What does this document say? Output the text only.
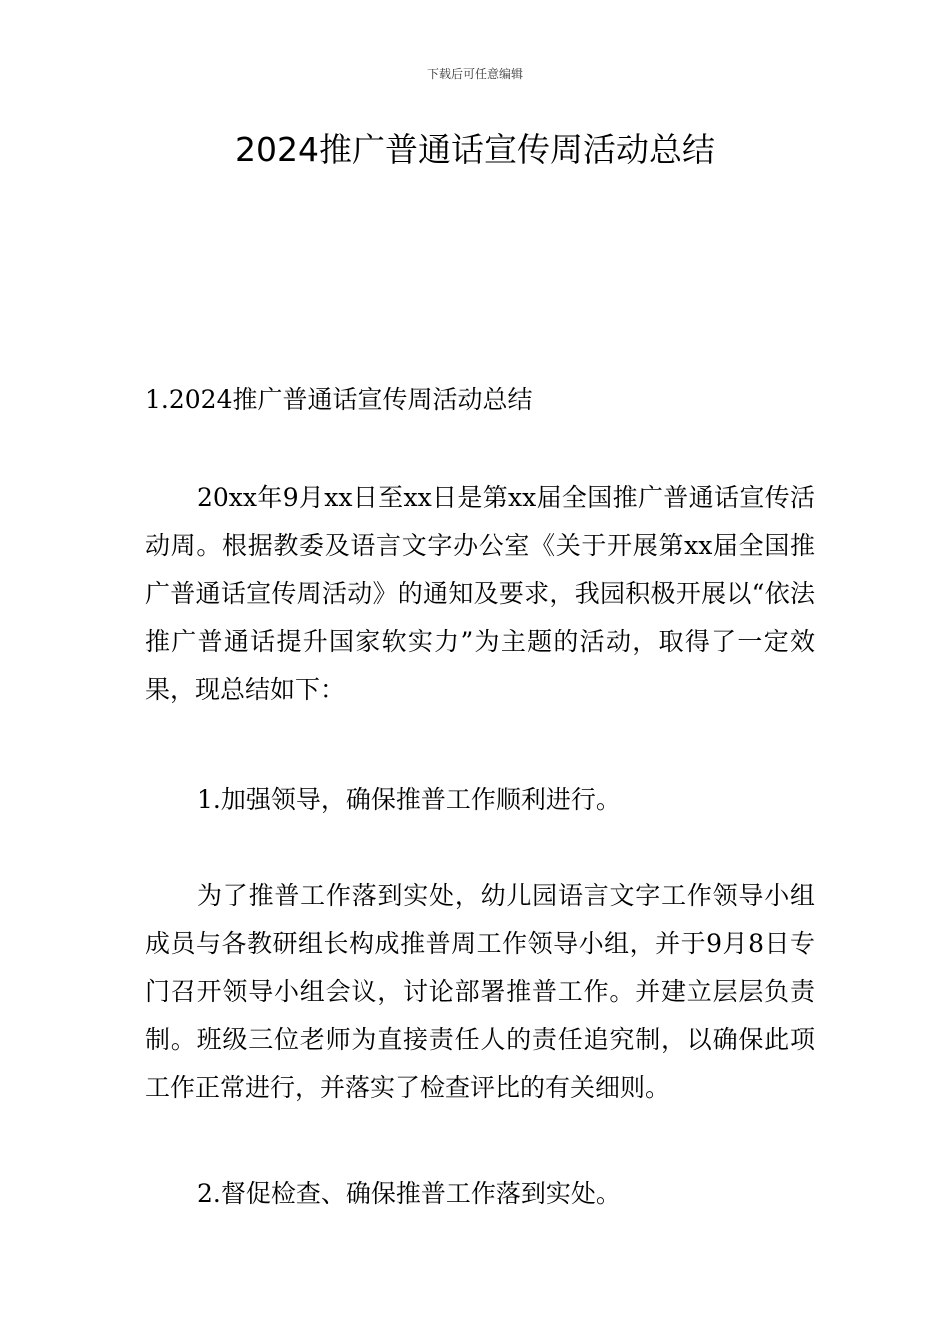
下载后可任意编辑
2024推广普通话宣传周活动总结

1.2024推广普通话宣传周活动总结

20xx年9月xx日至xx日是第xx届全国推广普通话宣传活动周。根据教委及语言文字办公室《关于开展第xx届全国推广普通话宣传周活动》的通知及要求，我园积极开展以“依法推广普通话提升国家软实力”为主题的活动，取得了一定效果，现总结如下：

1.加强领导，确保推普工作顺利进行。

为了推普工作落到实处，幼儿园语言文字工作领导小组成员与各教研组长构成推普周工作领导小组，并于9月8日专门召开领导小组会议，讨论部署推普工作。并建立层层负责制。班级三位老师为直接责任人的责任追究制，以确保此项工作正常进行，并落实了检查评比的有关细则。

2.督促检查、确保推普工作落到实处。
